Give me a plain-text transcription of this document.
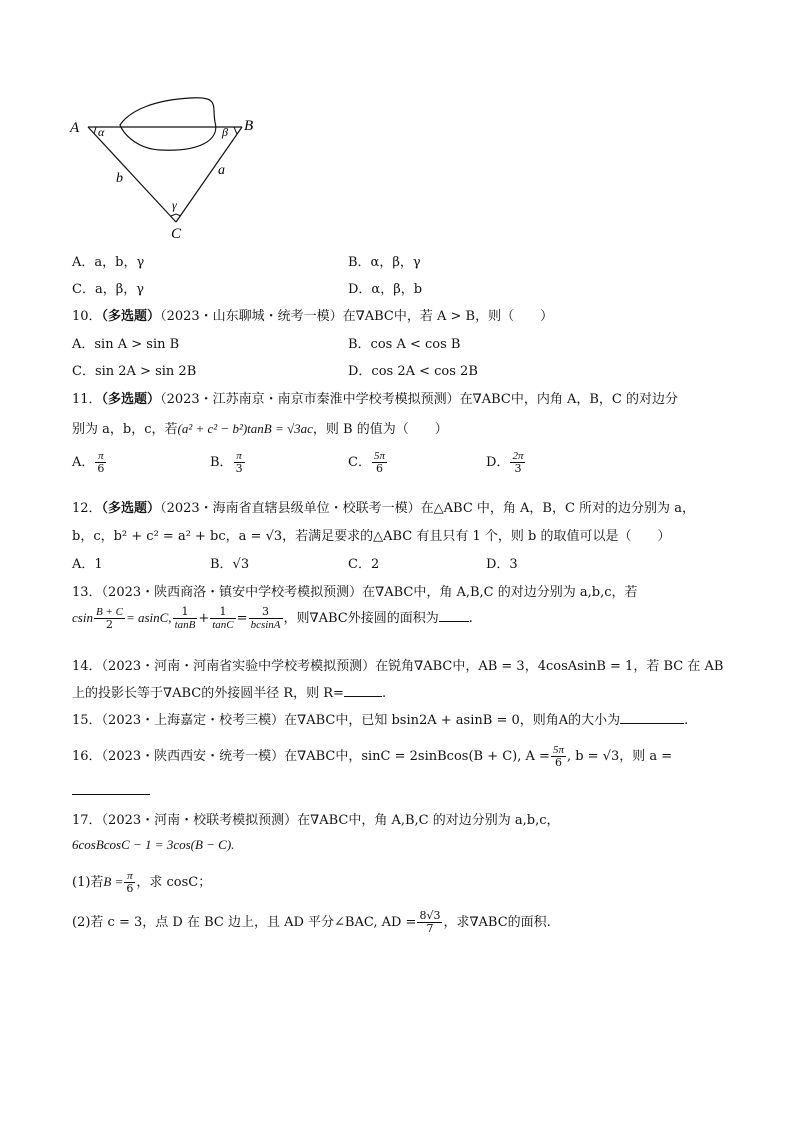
A	B
C
a
b
α	β
γ
A．a，b，γ	B．α，β，γ
C．a，β，γ	D．α，β，b
10．（多选题）（2023・山东聊城・统考一模）在∇ABC中，若 A > B，则（　　）
A．sin A > sin B	B．cos A < cos B
C．sin 2A > sin 2B	D．cos 2A < cos 2B
11．（多选题）（2023・江苏南京・南京市秦淮中学校考模拟预测）在∇ABC中，内角 A，B，C 的对边分
别为 a，b，c，若(a² + c² − b²)tanB = √3ac，则 B 的值为（　　）
A． $\frac{\pi}{6}$	B． $\frac{\pi}{3}$	C． $\frac{5\pi}{6}$	D． $\frac{2\pi}{3}$
12．（多选题）（2023・海南省直辖县级单位・校联考一模）在△ABC 中，角 A，B，C 所对的边分别为 a，
b，c，b² + c² = a² + bc，a = √3，若满足要求的△ABC 有且只有 1 个，则 b 的取值可以是（　　）
A．1	B．√3	C．2	D．3
13．（2023・陕西商洛・镇安中学校考模拟预测）在∇ABC中，角 A,B,C 的对边分别为 a,b,c，若
csin $\frac{B + C}{2} = asinC$, $\frac{1}{\tan B} + \frac{1}{\tan C} = \frac{3}{bcsinA}$ ，则∇ABC外接圆的面积为 .
14．（2023・河南・河南省实验中学校考模拟预测）在锐角∇ABC中，AB = 3，4cosAsinB = 1，若 BC 在 AB
上的投影长等于∇ABC的外接圆半径 R，则 R=	.
15．（2023・上海嘉定・校考三模）在∇ABC中，已知 bsin2A + asinB = 0，则角A的大小为	.
16．（2023・陕西西安・统考一模）在∇ABC中，sinC = 2sinBcos(B + C), $A = \frac{5\pi}{6}$ , b = √3，则 a =
17．（2023・河南・校联考模拟预测）在∇ABC中，角 A,B,C 的对边分别为 a,b,c，
6cosBcosC − 1 = 3cos(B − C).
(1)若$B = \frac{\pi}{6}$ ，求 cosC；
(2)若 c = 3，点 D 在 BC 边上，且 AD 平分∠BAC, AD = $\frac{8√3}{7}$ ，求∇ABC的面积.
